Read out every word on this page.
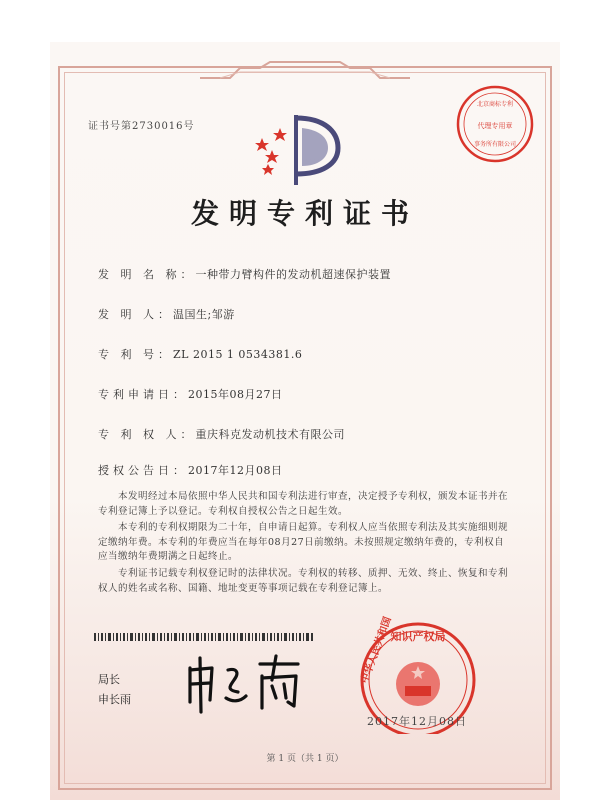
证书号第2730016号	代理专用章
北京商标专利
事务所有限公司
发明专利证书
发 明 名 称：一种带力臂构件的发动机超速保护装置
发 明 人：温国生;邹游
专 利 号：ZL 2015 1 0534381.6
专利申请日：2015年08月27日
专 利 权 人：重庆科克发动机技术有限公司
授权公告日：2017年12月08日
本发明经过本局依照中华人民共和国专利法进行审查，决定授予专利权，颁发本证书并在专利登记簿上予以登记。专利权自授权公告之日起生效。
本专利的专利权期限为二十年，自申请日起算。专利权人应当依照专利法及其实施细则规定缴纳年费。本专利的年费应当在每年08月27日前缴纳。未按照规定缴纳年费的，专利权自应当缴纳年费期满之日起终止。
专利证书记载专利权登记时的法律状况。专利权的转移、质押、无效、终止、恢复和专利权人的姓名或名称、国籍、地址变更等事项记载在专利登记簿上。
局长
申长雨
知识产权局
中华人民共和国
2017年12月08日
第 1 页（共 1 页）
